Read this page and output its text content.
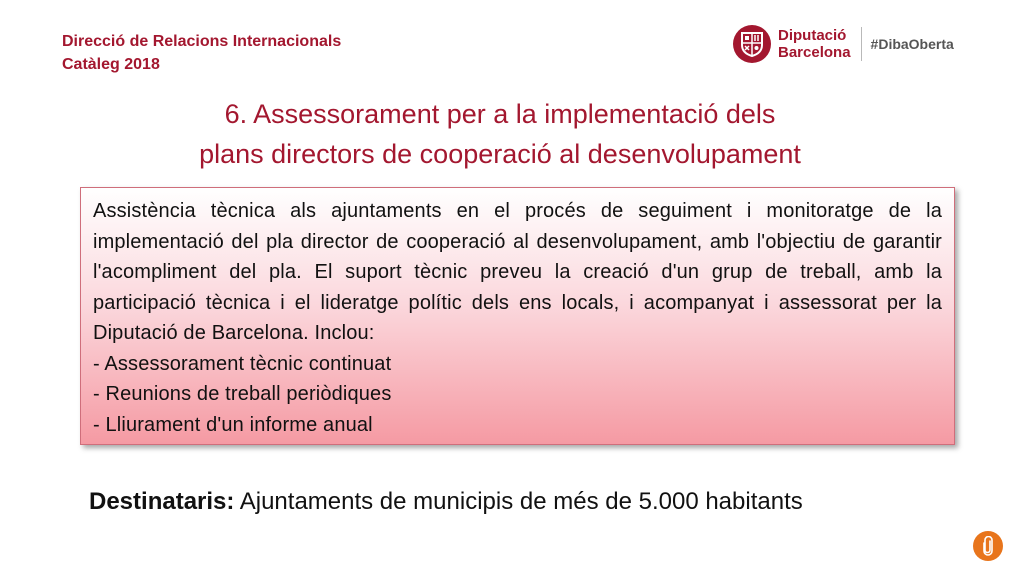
Direcció de Relacions Internacionals
Catàleg 2018
Diputació
Barcelona #DibaOberta
6. Assessorament per a la implementació dels
plans directors de cooperació al desenvolupament

Assistència tècnica als ajuntaments en el procés de seguiment i monitoratge de la implementació del pla director de cooperació al desenvolupament, amb l'objectiu de garantir l'acompliment del pla. El suport tècnic preveu la creació d'un grup de treball, amb la participació tècnica i el lideratge polític dels ens locals, i acompanyat i assessorat per la Diputació de Barcelona. Inclou:

- Assessorament tècnic continuat
- Reunions de treball periòdiques
- Lliurament d'un informe anual
Destinataris: Ajuntaments de municipis de més de 5.000 habitants
